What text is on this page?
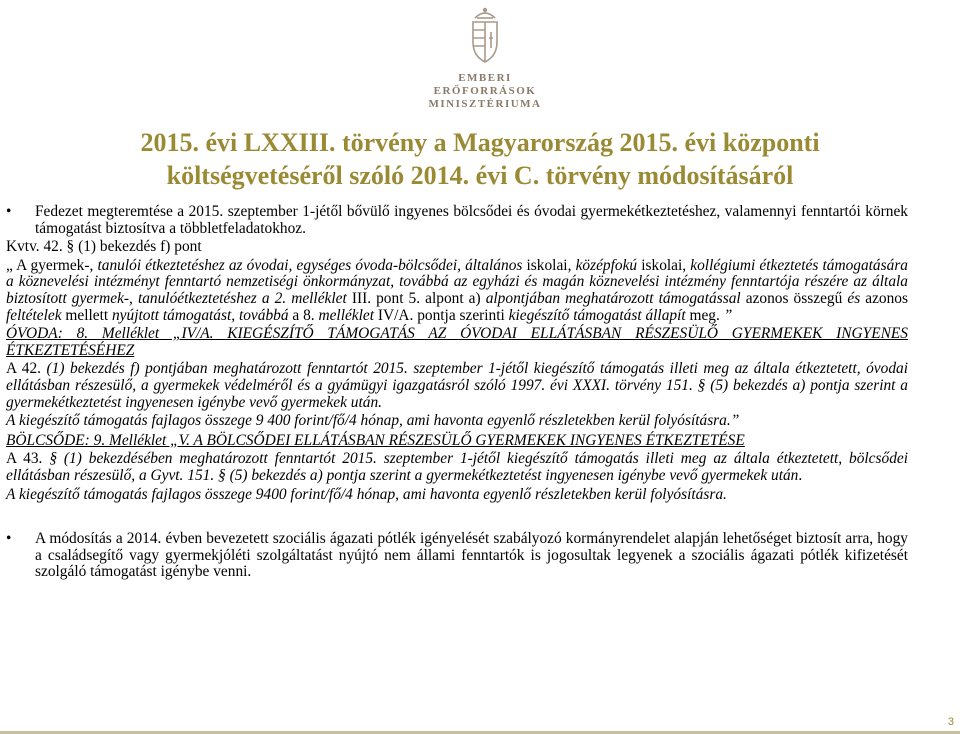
EMBERI ERŐFORRÁSOK
MINISZTÉRIUMA
2015. évi LXXIII. törvény a Magyarország 2015. évi központi
költségvetéséről szóló 2014. évi C. törvény módosításáról
• Fedezet megteremtése a 2015. szeptember 1-jétől bővülő ingyenes bölcsődei és óvodai gyermekétkeztetéshez, valamennyi fenntartói körnek támogatást biztosítva a többletfeladatokhoz.

Kvtv. 42. § (1) bekezdés f) pont

„ A gyermek-, tanulói étkeztetéshez az óvodai, egységes óvoda-bölcsődei, általános iskolai, középfokú iskolai, kollégiumi étkeztetés támogatására a köznevelési intézményt fenntartó nemzetiségi önkormányzat, továbbá az egyházi és magán köznevelési intézmény fenntartója részére az általa biztosított gyermek-, tanulóétkeztetéshez a 2. melléklet III. pont 5. alpont a) alpontjában meghatározott támogatással azonos összegű és azonos feltételek mellett nyújtott támogatást, továbbá a 8. melléklet IV/A. pontja szerinti kiegészítő támogatást állapít meg. ”

ÓVODA: 8. Melléklet „IV/A. KIEGÉSZÍTŐ TÁMOGATÁS AZ ÓVODAI ELLÁTÁSBAN RÉSZESÜLŐ GYERMEKEK INGYENES ÉTKEZTETÉSÉHEZ

A 42. (1) bekezdés f) pontjában meghatározott fenntartót 2015. szeptember 1-jétől kiegészítő támogatás illeti meg az általa étkeztetett, óvodai ellátásban részesülő, a gyermekek védelméről és a gyámügyi igazgatásról szóló 1997. évi XXXI. törvény 151. § (5) bekezdés a) pontja szerint a gyermekétkeztetést ingyenesen igénybe vevő gyermekek után.

A kiegészítő támogatás fajlagos összege 9 400 forint/fő/4 hónap, ami havonta egyenlő részletekben kerül folyósításra.”

BÖLCSŐDE: 9. Melléklet „V. A BÖLCSŐDEI ELLÁTÁSBAN RÉSZESÜLŐ GYERMEKEK INGYENES ÉTKEZTETÉSE

A 43. § (1) bekezdésében meghatározott fenntartót 2015. szeptember 1-jétől kiegészítő támogatás illeti meg az általa étkeztetett, bölcsődei ellátásban részesülő, a Gyvt. 151. § (5) bekezdés a) pontja szerint a gyermekétkeztetést ingyenesen igénybe vevő gyermekek után.

A kiegészítő támogatás fajlagos összege 9400 forint/fő/4 hónap, ami havonta egyenlő részletekben kerül folyósításra.

• A módosítás a 2014. évben bevezetett szociális ágazati pótlék igényelését szabályozó kormányrendelet alapján lehetőséget biztosít arra, hogy a családsegítő vagy gyermekjóléti szolgáltatást nyújtó nem állami fenntartók is jogosultak legyenek a szociális ágazati pótlék kifizetését szolgáló támogatást igénybe venni.
3
